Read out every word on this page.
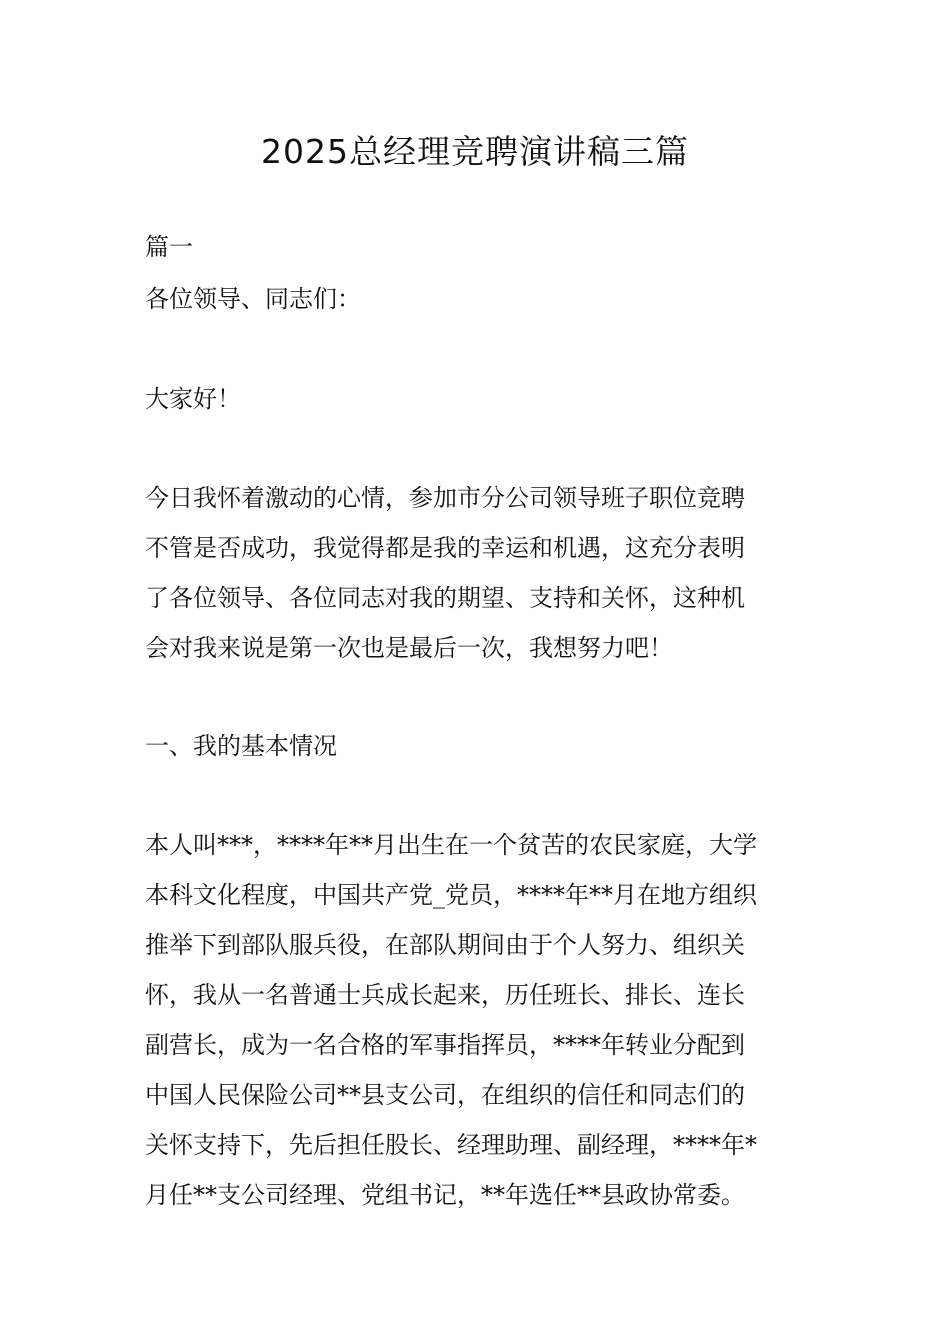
2025总经理竞聘演讲稿三篇

篇一

各位领导、同志们：

大家好！

今日我怀着激动的心情，参加市分公司领导班子职位竞聘
不管是否成功，我觉得都是我的幸运和机遇，这充分表明
了各位领导、各位同志对我的期望、支持和关怀，这种机
会对我来说是第一次也是最后一次，我想努力吧！

一、我的基本情况

本人叫***，****年**月出生在一个贫苦的农民家庭，大学
本科文化程度，中国共产党_党员，****年**月在地方组织
推举下到部队服兵役，在部队期间由于个人努力、组织关
怀，我从一名普通士兵成长起来，历任班长、排长、连长
副营长，成为一名合格的军事指挥员，****年转业分配到
中国人民保险公司**县支公司，在组织的信任和同志们的
关怀支持下，先后担任股长、经理助理、副经理，****年*
月任**支公司经理、党组书记，**年选任**县政协常委。
